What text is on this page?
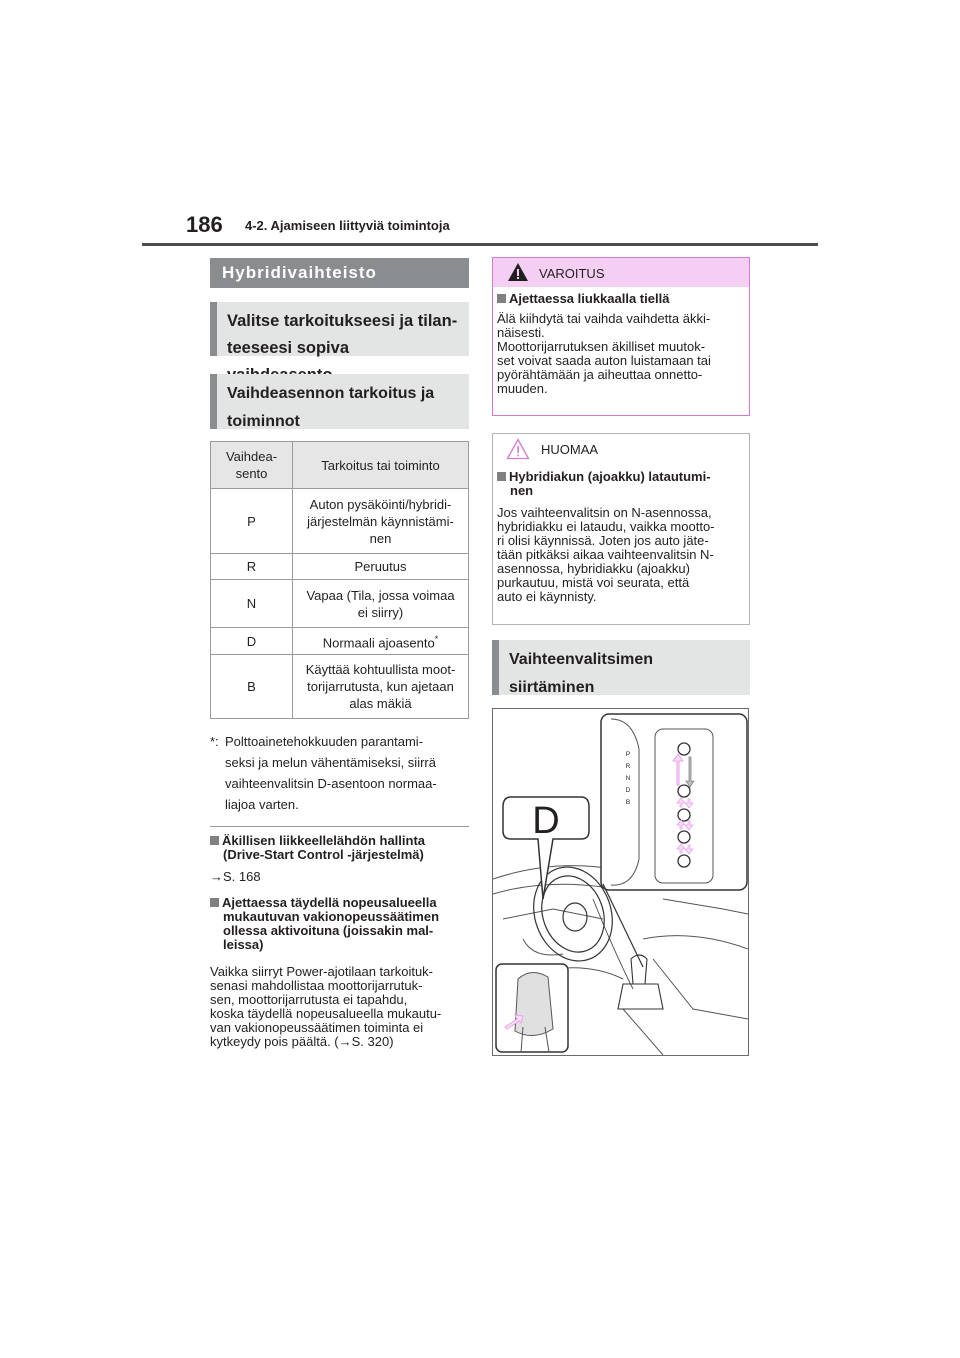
186 4-2. Ajamiseen liittyviä toimintoja
Hybridivaihteisto
Valitse tarkoitukseesi ja tilan-
teeseesi sopiva
Vaihdeasennon tarkoitus ja
toiminnot
Vaihdea-
sento	Tarkoitus tai toiminto
P	Auton pysäköinti/hybridi-
järjestelmän käynnistämi-
nen

R	Peruutus

N	Vapaa (Tila, jossa voimaa
ei siirry)

D	Normaali ajoasento*
B	Käyttää kohtuullista moot-
torijarrutusta, kun ajetaan
alas mäkiä
*: Polttoainetehokkuuden parantami-
seksi ja melun vähentämiseksi, siirrä
vaihteenvalitsin D-asentoon normaa-
liajoa varten.
Äkillisen liikkeellelähdön hallinta
(Drive-Start Control -järjestelmä)
→S. 168
Ajettaessa täydellä nopeusalueella
mukautuvan vakionopeussäätimen
ollessa aktivoituna (joissakin mal-
leissa)
Vaikka siirryt Power-ajotilaan tarkoituk-
senasi mahdollistaa moottorijarrutuk-
sen, moottorijarrutusta ei tapahdu,
koska täydellä nopeusalueella mukautu-
van vakionopeussäätimen toiminta ei
kytkeydy pois päältä. (→S. 320)
VAROITUS
Ajettaessa liukkaalla tiellä
Älä kiihdytä tai vaihda vaihdetta äkki-
näisesti.
Moottorijarrutuksen äkilliset muutok-
set voivat saada auton luistamaan tai
pyörähtämään ja aiheuttaa onnetto-
muuden.
HUOMAA
Hybridiakun (ajoakku) latautumi-
nen
Jos vaihteenvalitsin on N-asennossa,
hybridiakku ei lataudu, vaikka mootto-
ri olisi käynnissä. Joten jos auto jäte-
tään pitkäksi aikaa vaihteenvalitsin N-
asennossa, hybridiakku (ajoakku)
purkautuu, mistä voi seurata, että
auto ei käynnisty.
Vaihteenvalitsimen
siirtäminen
D
P
R
N
D
B
